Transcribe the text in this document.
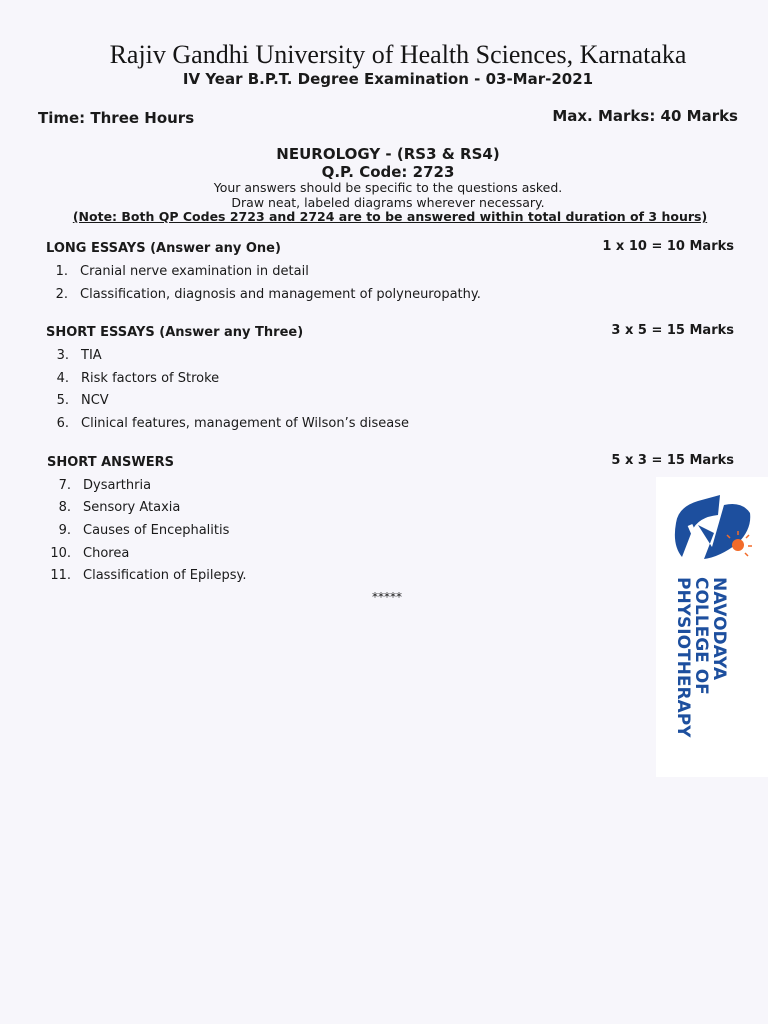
Rajiv Gandhi University of Health Sciences, Karnataka
IV Year B.P.T. Degree Examination - 03-Mar-2021
Time: Three Hours	Max. Marks: 40 Marks
NEUROLOGY - (RS3 & RS4)
Q.P. Code: 2723
Your answers should be specific to the questions asked.
Draw neat, labeled diagrams wherever necessary.
(Note: Both QP Codes 2723 and 2724 are to be answered within total duration of 3 hours)
LONG ESSAYS (Answer any One)	1 x 10 = 10 Marks
1. Cranial nerve examination in detail
2. Classification, diagnosis and management of polyneuropathy.
SHORT ESSAYS (Answer any Three)	3 x 5 = 15 Marks
3. TIA
4. Risk factors of Stroke
5. NCV
6. Clinical features, management of Wilson’s disease
SHORT ANSWERS	5 x 3 = 15 Marks
7. Dysarthria
8. Sensory Ataxia
9. Causes of Encephalitis
10. Chorea
11. Classification of Epilepsy.
*****	NAVODAYA
COLLEGE OF
PHYSIOTHERAPY
